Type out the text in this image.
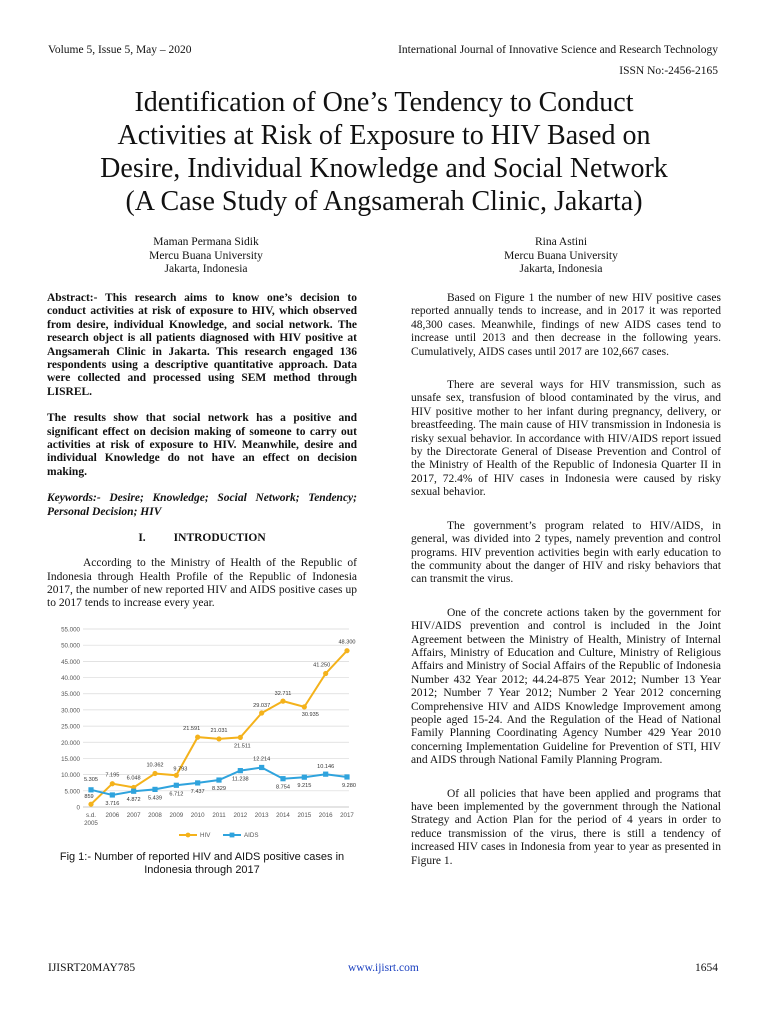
Volume 5, Issue 5, May – 2020	International Journal of Innovative Science and Research Technology
ISSN No:-2456-2165
Identification of One’s Tendency to Conduct
Activities at Risk of Exposure to HIV Based on
Desire, Individual Knowledge and Social Network
(A Case Study of Angsamerah Clinic, Jakarta)
Maman Permana Sidik
Mercu Buana University
Jakarta, Indonesia
Rina Astini
Mercu Buana University
Jakarta, Indonesia

Abstract:- This research aims to know one’s decision to conduct activities at risk of exposure to HIV, which observed from desire, individual Knowledge, and social network. The research object is all patients diagnosed with HIV positive at Angsamerah Clinic in Jakarta. This research engaged 136 respondents using a descriptive quantitative approach. Data were collected and processed using SEM method through LISREL.

The results show that social network has a positive and significant effect on decision making of someone to carry out activities at risk of exposure to HIV. Meanwhile, desire and individual Knowledge do not have an effect on decision making.

Keywords:- Desire; Knowledge; Social Network; Tendency; Personal Decision; HIV

I. INTRODUCTION

According to the Ministry of Health of the Republic of Indonesia through Health Profile of the Republic of Indonesia 2017, the number of new reported HIV and AIDS positive cases up to 2017 tends to increase every year.

0
5.000
10.000
15.000
20.000
25.000
30.000
35.000
40.000
45.000
50.000
55.000
s.d.
2005
2006 2007 2008 2009 2010 2011 2012 2013 2014 2015 2016 2017
859
7.195 6.048
10.362
9.793
21.591 21.031
21.511
29.037
32.711
30.935
41.250
48.300
5.305
3.716
4.872 5.439
6.712 7.437 8.329
11.238
12.214
8.754 9.215
10.146
9.280
HIV	AIDS
Fig 1:- Number of reported HIV and AIDS positive cases in Indonesia through 2017

Based on Figure 1 the number of new HIV positive cases reported annually tends to increase, and in 2017 it was reported 48,300 cases. Meanwhile, findings of new AIDS cases tend to increase until 2013 and then decrease in the following years. Cumulatively, AIDS cases until 2017 are 102,667 cases.

There are several ways for HIV transmission, such as unsafe sex, transfusion of blood contaminated by the virus, and HIV positive mother to her infant during pregnancy, delivery, or breastfeeding. The main cause of HIV transmission in Indonesia is risky sexual behavior. In accordance with HIV/AIDS report issued by the Directorate General of Disease Prevention and Control of the Ministry of Health of the Republic of Indonesia Quarter II in 2017, 72.4% of HIV cases in Indonesia were caused by risky sexual behavior.

The government’s program related to HIV/AIDS, in general, was divided into 2 types, namely prevention and control programs. HIV prevention activities begin with early education to the community about the danger of HIV and risky behaviors that can transmit the virus.

One of the concrete actions taken by the government for HIV/AIDS prevention and control is included in the Joint Agreement between the Ministry of Health, Ministry of Internal Affairs, Ministry of Education and Culture, Ministry of Religious Affairs and Ministry of Social Affairs of the Republic of Indonesia Number 432 Year 2012; 44.24-875 Year 2012; Number 13 Year 2012; Number 7 Year 2012; Number 2 Year 2012 concerning Comprehensive HIV and AIDS Knowledge Improvement among people aged 15-24. And the Regulation of the Head of National Family Planning Coordinating Agency Number 429 Year 2010 concerning Implementation Guideline for Prevention of STI, HIV and AIDS through National Family Planning Program.

Of all policies that have been applied and programs that have been implemented by the government through the National Strategy and Action Plan for the period of 4 years in order to reduce transmission of the virus, there is still a tendency of increased HIV cases in Indonesia from year to year as presented in Figure 1.

IJISRT20MAY785	www.ijisrt.com	1654
